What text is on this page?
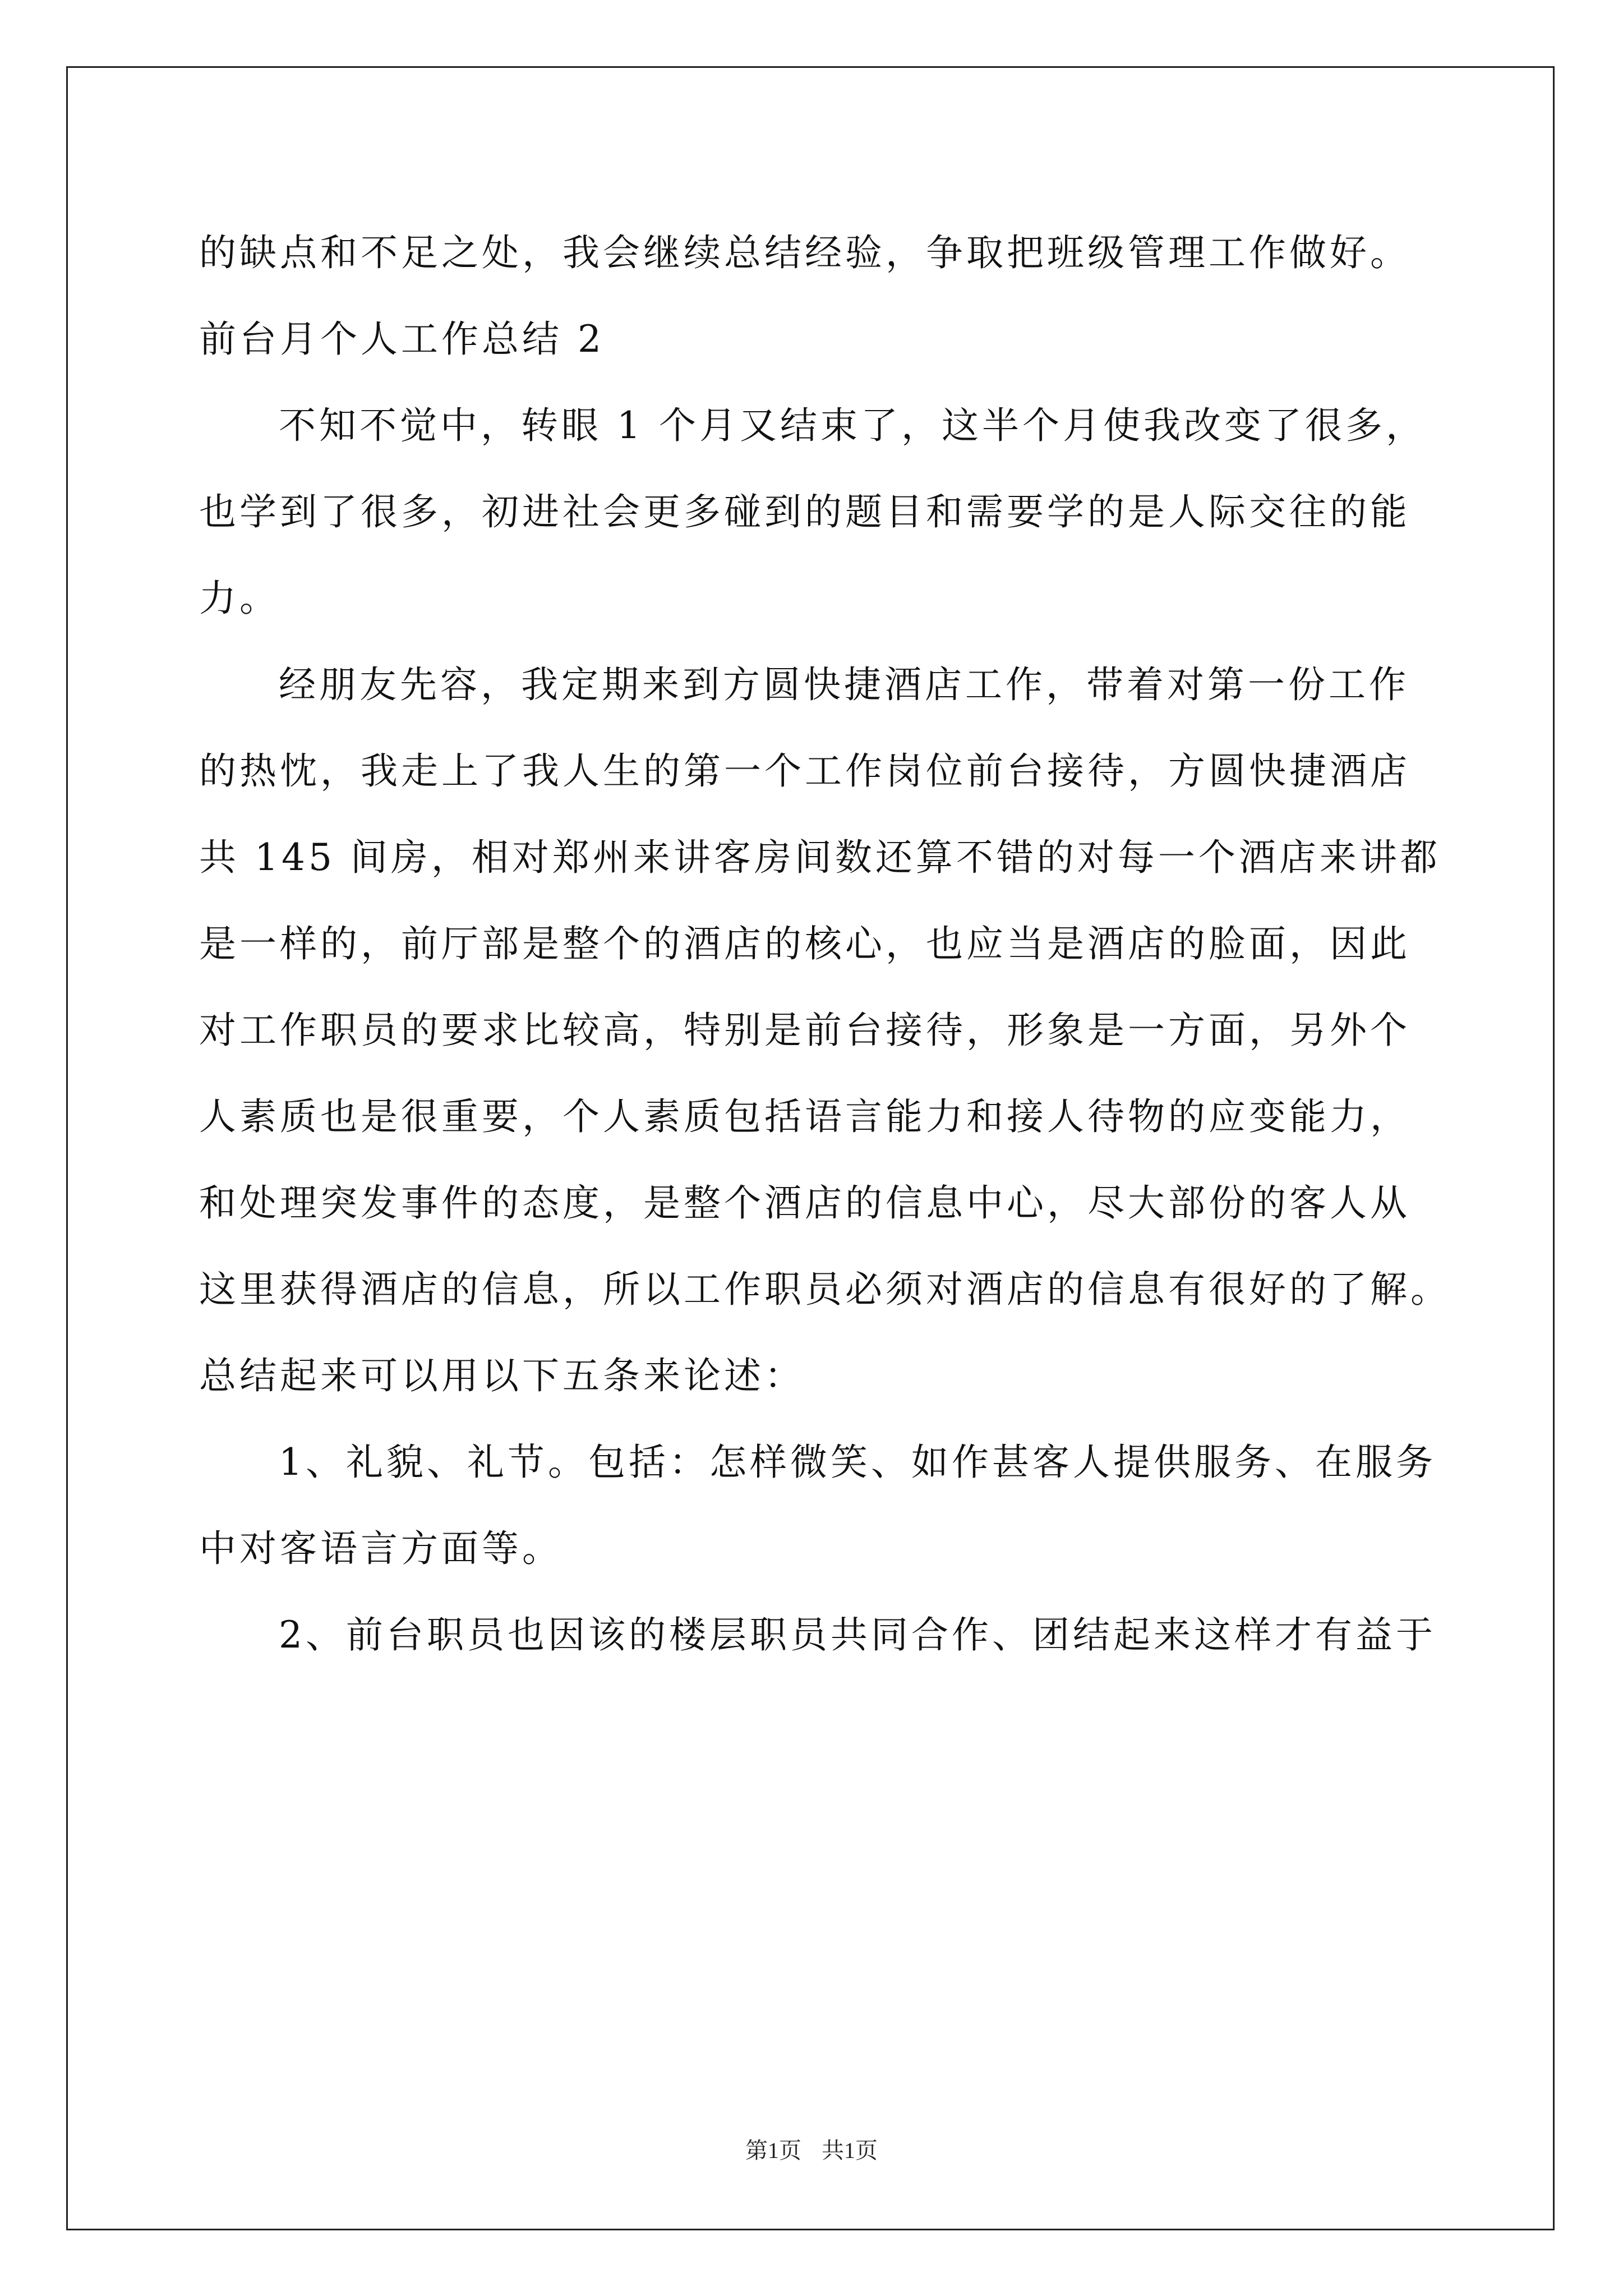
的缺点和不足之处，我会继续总结经验，争取把班级管理工作做好。
前台月个人工作总结 2
不知不觉中，转眼 1 个月又结束了，这半个月使我改变了很多，
也学到了很多，初进社会更多碰到的题目和需要学的是人际交往的能
力。
经朋友先容，我定期来到方圆快捷酒店工作，带着对第一份工作
的热忱，我走上了我人生的第一个工作岗位前台接待，方圆快捷酒店
共 145 间房，相对郑州来讲客房间数还算不错的对每一个酒店来讲都
是一样的，前厅部是整个的酒店的核心，也应当是酒店的脸面，因此
对工作职员的要求比较高，特别是前台接待，形象是一方面，另外个
人素质也是很重要，个人素质包括语言能力和接人待物的应变能力，
和处理突发事件的态度，是整个酒店的信息中心，尽大部份的客人从
这里获得酒店的信息，所以工作职员必须对酒店的信息有很好的了解。
总结起来可以用以下五条来论述：
1、礼貌、礼节。包括：怎样微笑、如作甚客人提供服务、在服务
中对客语言方面等。
2、前台职员也因该的楼层职员共同合作、团结起来这样才有益于
第1页 共1页
